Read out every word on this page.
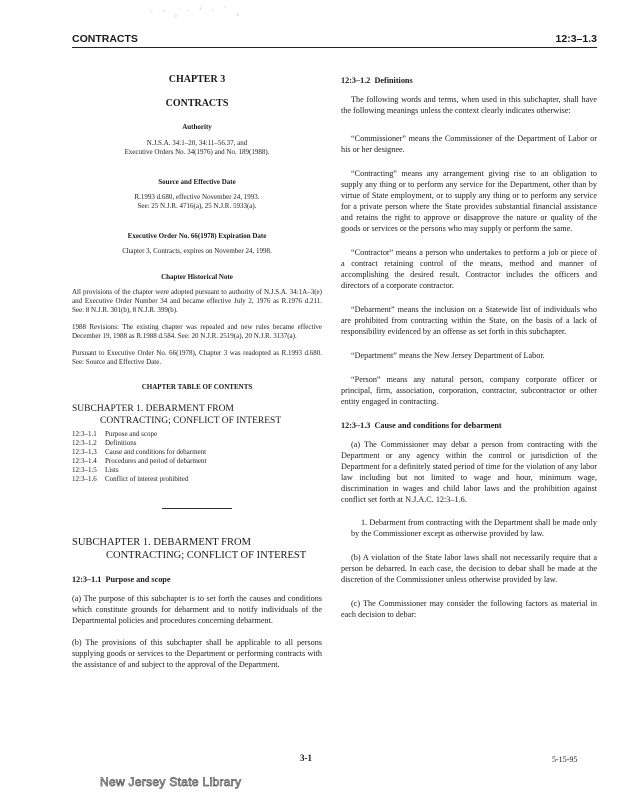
· ∙ ¸ · ‘ · ˙ ¸
CONTRACTS	12:3–1.3

CHAPTER 3

CONTRACTS

Authority

N.J.S.A. 34:1–20, 34:11–56.37, and

Executive Orders No. 34(1976) and No. 189(1988).

Source and Effective Date

R.1993 d.680, effective November 24, 1993.

See: 25 N.J.R. 4716(a), 25 N.J.R. 5933(a).

Executive Order No. 66(1978) Expiration Date

Chapter 3, Contracts, expires on November 24, 1998.

Chapter Historical Note

All provisions of the chapter were adopted pursuant to authority of N.J.S.A. 34:1A–3(e) and Executive Order Number 34 and became effective July 2, 1976 as R.1976 d.211. See: 8 N.J.R. 301(b), 8 N.J.R. 399(b).

1988 Revisions: The existing chapter was repealed and new rules became effective December 19, 1988 as R.1988 d.584. See: 20 N.J.R. 2519(a), 20 N.J.R. 3137(a).

Pursuant to Executive Order No. 66(1978), Chapter 3 was readopted as R.1993 d.680. See: Source and Effective Date.

CHAPTER TABLE OF CONTENTS

SUBCHAPTER 1. DEBARMENT FROM

CONTRACTING; CONFLICT OF INTEREST

12:3–1.1	Purpose and scope
12:3–1.2	Definitions
12:3–1.3	Cause and conditions for debarment
12:3–1.4	Procedures and period of debarment
12:3–1.5	Lists
12:3–1.6	Conflict of interest prohibited

SUBCHAPTER 1. DEBARMENT FROM

CONTRACTING; CONFLICT OF INTEREST

12:3–1.1 Purpose and scope

(a) The purpose of this subchapter is to set forth the causes and conditions which constitute grounds for debarment and to notify individuals of the Departmental policies and procedures concerning debarment.

(b) The provisions of this subchapter shall be applicable to all persons supplying goods or services to the Department or performing contracts with the assistance of and subject to the approval of the Department.

12:3–1.2 Definitions

The following words and terms, when used in this subchapter, shall have the following meanings unless the context clearly indicates otherwise:

“Commissioner” means the Commissioner of the Department of Labor or his or her designee.

“Contracting” means any arrangement giving rise to an obligation to supply any thing or to perform any service for the Department, other than by virtue of State employment, or to supply any thing or to perform any service for a private person where the State provides substantial financial assistance and retains the right to approve or disapprove the nature or quality of the goods or services or the persons who may supply or perform the same.

“Contractor” means a person who undertakes to perform a job or piece of a contract retaining control of the means, method and manner of accomplishing the desired result. Contractor includes the officers and directors of a corporate contractor.

“Debarment” means the inclusion on a Statewide list of individuals who are prohibited from contracting within the State, on the basis of a lack of responsibility evidenced by an offense as set forth in this subchapter.

“Department” means the New Jersey Department of Labor.

“Person” means any natural person, company corporate officer or principal, firm, association, corporation, contractor, subcontractor or other entity engaged in contracting.

12:3–1.3 Cause and conditions for debarment

(a) The Commissioner may debar a person from contracting with the Department or any agency within the control or jurisdiction of the Department for a definitely stated period of time for the violation of any labor law including but not limited to wage and hour, minimum wage, discrimination in wages and child labor laws and the prohibition against conflict set forth at N.J.A.C. 12:3–1.6.

1. Debarment from contracting with the Department shall be made only by the Commissioner except as otherwise provided by law.

(b) A violation of the State labor laws shall not necessarily require that a person be debarred. In each case, the decision to debar shall be made at the discretion of the Commissioner unless otherwise provided by law.

(c) The Commissioner may consider the following factors as material in each decision to debar:

3-1	5-15-95
New Jersey State Library
